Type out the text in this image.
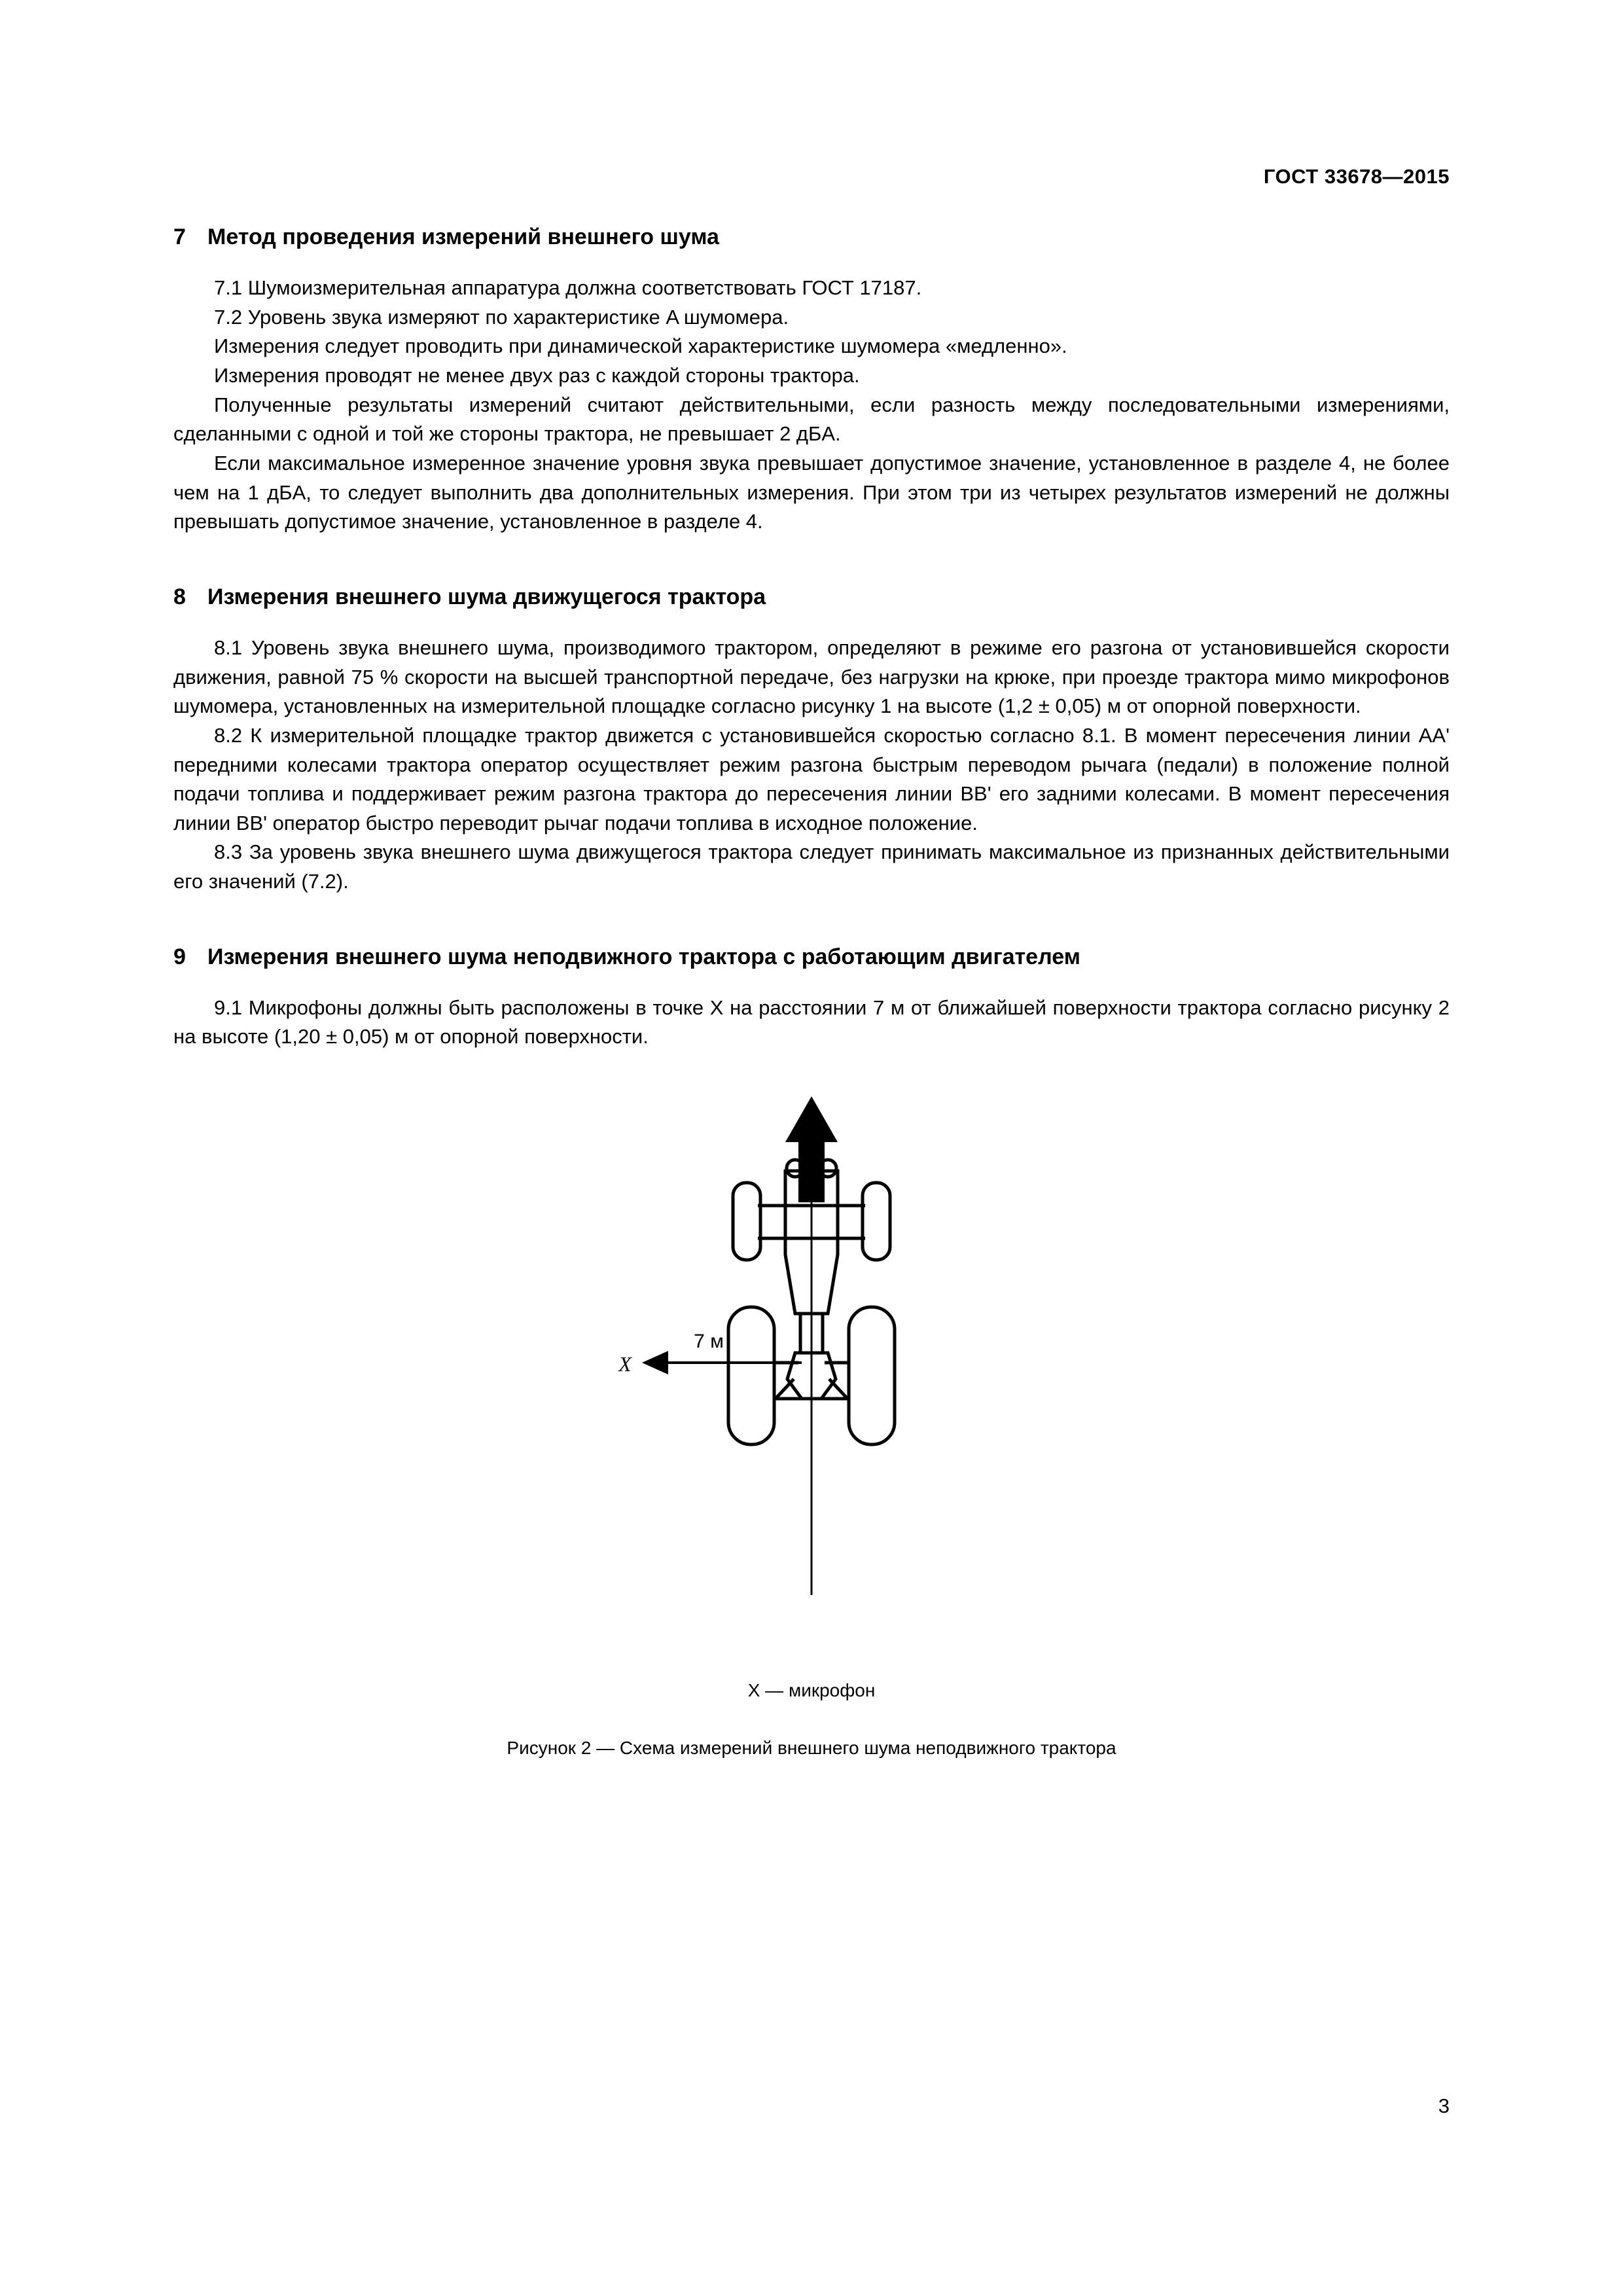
ГОСТ 33678—2015
7 Метод проведения измерений внешнего шума

7.1 Шумоизмерительная аппаратура должна соответствовать ГОСТ 17187.

7.2 Уровень звука измеряют по характеристике A шумомера.

Измерения следует проводить при динамической характеристике шумомера «медленно».

Измерения проводят не менее двух раз с каждой стороны трактора.

Полученные результаты измерений считают действительными, если разность между последовательными измерениями, сделанными с одной и той же стороны трактора, не превышает 2 дБA.

Если максимальное измеренное значение уровня звука превышает допустимое значение, установленное в разделе 4, не более чем на 1 дБA, то следует выполнить два дополнительных измерения. При этом три из четырех результатов измерений не должны превышать допустимое значение, установленное в разделе 4.

8 Измерения внешнего шума движущегося трактора

8.1 Уровень звука внешнего шума, производимого трактором, определяют в режиме его разгона от установившейся скорости движения, равной 75 % скорости на высшей транспортной передаче, без нагрузки на крюке, при проезде трактора мимо микрофонов шумомера, установленных на измерительной площадке согласно рисунку 1 на высоте (1,2 ± 0,05) м от опорной поверхности.

8.2 К измерительной площадке трактор движется с установившейся скоростью согласно 8.1. В момент пересечения линии AA' передними колесами трактора оператор осуществляет режим разгона быстрым переводом рычага (педали) в положение полной подачи топлива и поддерживает режим разгона трактора до пересечения линии BB' его задними колесами. В момент пересечения линии BB' оператор быстро переводит рычаг подачи топлива в исходное положение.

8.3 За уровень звука внешнего шума движущегося трактора следует принимать максимальное из признанных действительными его значений (7.2).

9 Измерения внешнего шума неподвижного трактора с работающим двигателем

9.1 Микрофоны должны быть расположены в точке X на расстоянии 7 м от ближайшей поверхности трактора согласно рисунку 2 на высоте (1,20 ± 0,05) м от опорной поверхности.

X
7 м
X — микрофон
Рисунок 2 — Схема измерений внешнего шума неподвижного трактора
3
